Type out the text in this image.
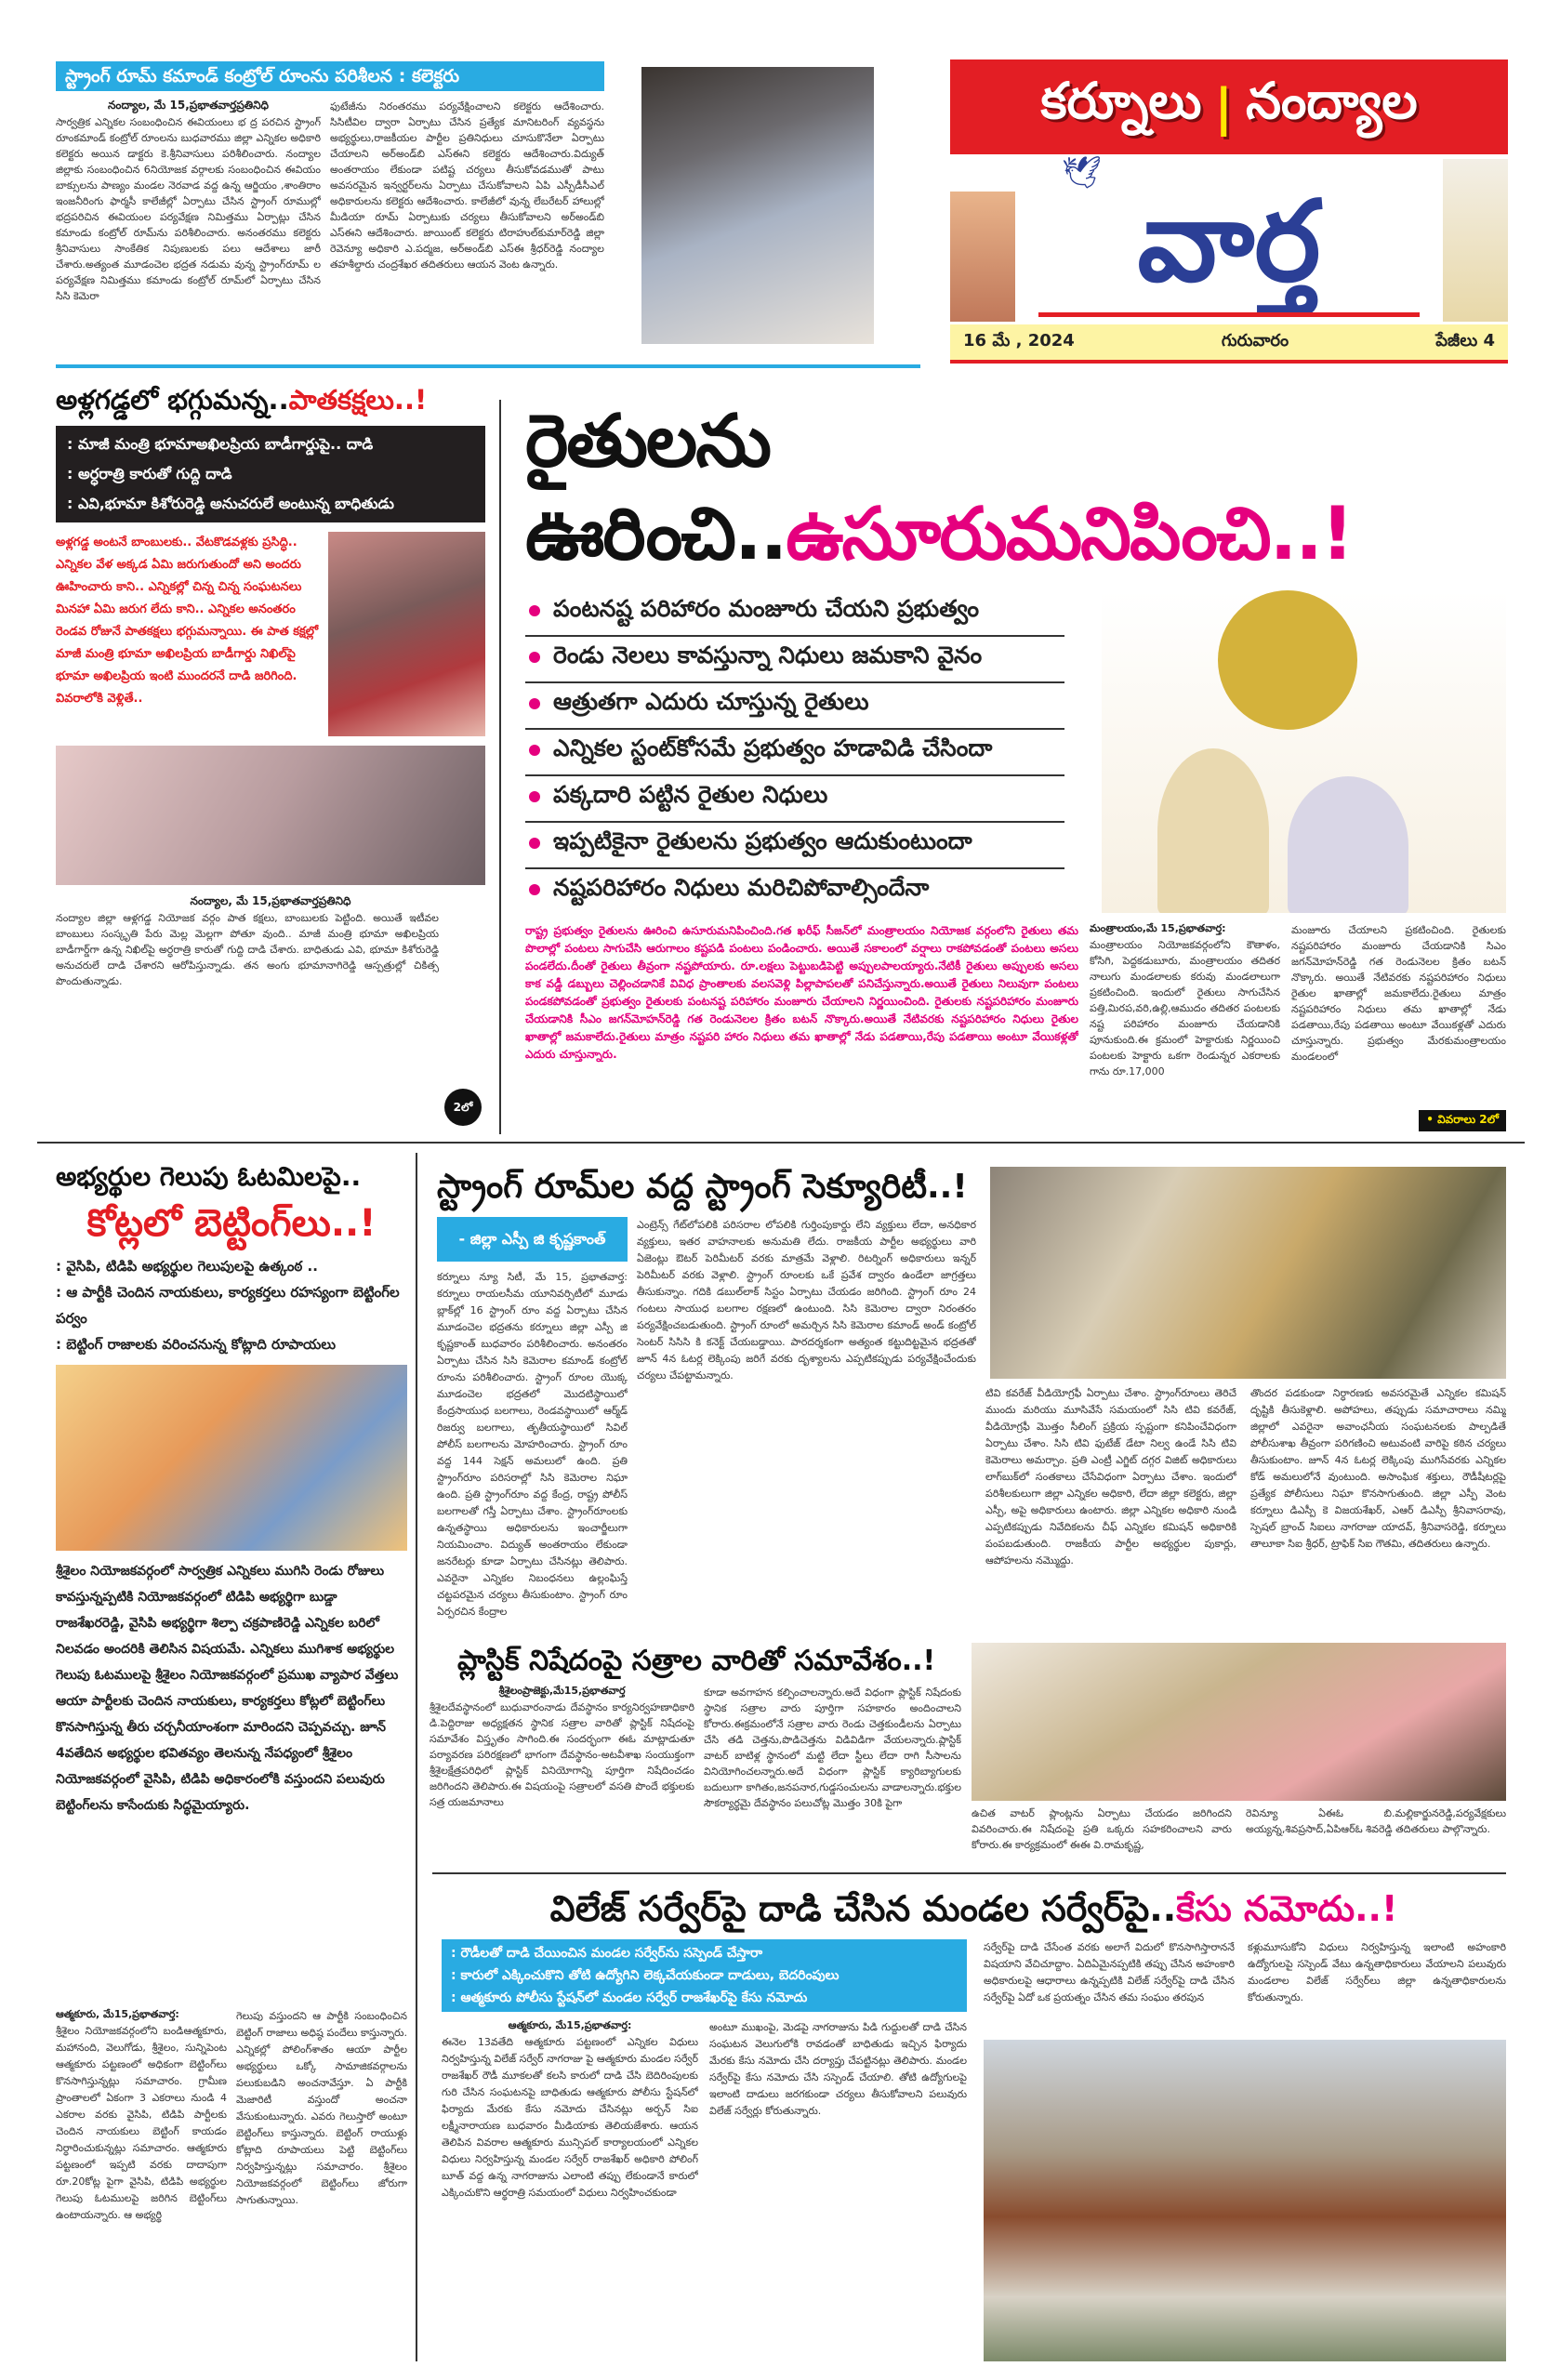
స్ట్రాంగ్ రూమ్ కమాండ్ కంట్రోల్ రూంను పరిశీలన : కలెక్టరు
నంద్యాల, మే 15,ప్రభాతవార్తప్రతినిధి
సార్వత్రిక ఎన్నికల సంబంధించిన ఈవియంలు భ ద్ర పరచిన స్ట్రాంగ్ రూంకమాండ్ కంట్రోల్ రూంలను బుధవారము జిల్లా ఎన్నికల అధికారి కలెక్టరు అయిన డాక్టరు కె.శ్రీనివాసులు పరిశీలించారు. నంద్యాల జిల్లాకు సంబంధించిన 6నియోజక వర్గాలకు సంబంధించిన ఈవియం బాక్సులను పాణ్యం మండల నెరవాడ వద్ద ఉన్న ఆర్జియం ,శాంతిరాం ఇంజనీరింగు ఫార్మసీ కాలేజీల్లో ఏర్పాటు చేసిన స్ట్రాంగ్ రూముల్లో భద్రపరిచిన ఈవియంల పర్యవేక్షణ నిమిత్తము ఏర్పాట్లు చేసిన కమాండు కంట్రోల్ రూమ్‌ను పరిశీలించారు. అనంతరము కలెక్టరు శ్రీనివాసులు సాంకేతిక నిపుణులకు పలు ఆదేశాలు జారీ చేశారు.అత్యంత మూడంచెల భద్రత నడుమ వున్న స్ట్రాంగ్‌రూమ్ ల పర్యవేక్షణ నిమిత్తము కమాండు కంట్రోల్ రూమ్‌లో ఏర్పాటు చేసిన సిసి కెమెరా
ఫుటేజీను నిరంతరము పర్యవేక్షించాలని కలెక్టరు ఆదేశించారు. సిసిటీవిల ద్వారా ఏర్పాటు చేసిన ప్రత్యేక మానిటరింగ్ వ్యవస్థను అభ్యర్థులు,రాజకీయల పార్టీల ప్రతినిధులు చూసుకొనేలా ఏర్పాటు చేయాలని అర్‌అండ్‌బి ఎస్‌ఈని కలెక్టరు ఆదేశించారు.విద్యుత్ అంతరాయం లేకుండా పటిష్ట చర్యలు తీసుకోవడముతో పాటు అవసరమైన ఇన్వర్టర్‌లను ఏర్పాటు చేసుకోవాలని ఏపి ఎస్పీడీసీఎల్ అధికారులను కలెక్టరు ఆదేశించారు. కాలేజీలో వున్న లేబరేటర్ హాలుల్లో మీడియా రూమ్ ఏర్పాటుకు చర్యలు తీసుకోవాలని అర్‌అండ్‌బి ఎస్‌ఈని ఆదేశించారు. జాయింట్ కలెక్టరు టిరాహుల్‌కుమార్‌రెడ్డి జిల్లా రెవెన్యూ అధికారి ఎ.పద్మజ, అర్‌అండ్‌బి ఎస్‌ఈ శ్రీధర్‌రెడ్డి నంద్యాల తహశీల్దారు చంద్రశేఖర తదితరులు ఆయన వెంట ఉన్నారు.
కర్నూలు | నంద్యాల
🕊
వార్త
16 మే , 2024	గురువారం	పేజీలు 4
అళ్లగడ్డలో భగ్గుమన్న..పాతకక్షలు..!
: మాజీ మంత్రి భూమాఅఖిలప్రియ బాడీగార్డుపై.. దాడి
: అర్ధరాత్రి కారుతో గుద్ది దాడి
: ఎవి,భూమా కిశోరురెడ్డి అనుచరులే అంటున్న బాధితుడు
అళ్లగడ్డ అంటనే బాంబులకు.. వేటకొడవళ్లకు ప్రసిద్ధి.. ఎన్నికల వేళ అక్కడ ఏమి జరుగుతుందో అని అందరు ఊహించారు కాని.. ఎన్నికల్లో చిన్న చిన్న సంఘటనలు మినహా ఏమి జరుగ లేదు కాని.. ఎన్నికల అనంతరం రెండవ రోజునే పాతకక్షలు భగ్గుమన్నాయి. ఈ పాత కక్షల్లో మాజీ మంత్రి భూమా అఖిలప్రియ బాడీగార్డు నిఖిల్‌పై భూమా అఖిలప్రియ ఇంటి ముందరనే దాడి జరిగింది. వివరాలోకి వెళ్లితే..
నంద్యాల, మే 15,ప్రభాతవార్తప్రతినిధి
నంద్యాల జిల్లా ఆళ్లగడ్డ నియోజక వర్గం పాత కక్షలు, బాంబులకు పెట్టింది. అయితే ఇటీవల బాంబులు సంస్కృతి పేరు మెల్ల మెల్లగా పోతూ వుంది.. మాజీ మంత్రి భూమా అఖిలప్రియ బాడీగార్డ్‌గా ఉన్న నిఖిల్‌పై అర్ధరాత్రి కారుతో గుద్ది దాడి చేశారు. బాధితుడు ఎవి, భూమా కిశోరురెడ్డి అనుచరులే దాడి చేశారని ఆరోపిస్తున్నాడు. తన అంగు భూమానాగిరెడ్డి ఆస్పత్రుల్లో చికిత్స పొందుతున్నాడు.
2లో
రైతులను ఊరించి..ఉసూరుమనిపించి..!
పంటనష్ట పరిహారం మంజూరు చేయని ప్రభుత్వం
రెండు నెలలు కావస్తున్నా నిధులు జమకాని వైనం
ఆత్రుతగా ఎదురు చూస్తున్న రైతులు
ఎన్నికల స్టంట్‌కోసమే ప్రభుత్వం హడావిడి చేసిందా
పక్కదారి పట్టిన రైతుల నిధులు
ఇప్పటికైనా రైతులను ప్రభుత్వం ఆదుకుంటుందా
నష్టపరిహారం నిధులు మరిచిపోవాల్సిందేనా
రాష్ట్ర ప్రభుత్వం రైతులను ఊరించి ఉసూరుమనిపించింది.గత ఖరీఫ్ సీజన్‌లో మంత్రాలయం నియోజక వర్గంలోని రైతులు తమ పొలాల్లో పంటలు సాగుచేసి ఆరుగాలం కష్టపడి పంటలు పండించారు. అయితే సకాలంలో వర్షాలు రాకపోవడంతో పంటలు అసలు పండలేదు.దీంతో రైతులు తీవ్రంగా నష్టపోయారు. రూ.లక్షలు పెట్టుబడిపెట్టి అప్పులపాలయ్యారు.నేటికీ రైతులు అప్పులకు అసలు కాక వడ్డీ డబ్బులు చెల్లించడానికే వివిధ ప్రాంతాలకు వలసవెళ్లి పిల్లాపాపలతో పనిచేస్తున్నారు.అయితే రైతులు నిలువుగా పంటలు పండకపోవడంతో ప్రభుత్వం రైతులకు పంటనష్ట పరిహారం మంజూరు చేయాలని నిర్ణయించింది. రైతులకు నష్టపరిహారం మంజూరు చేయడానికి సీఎం జగన్‌మోహన్‌రెడ్డి గత రెండునెలల క్రితం బటన్ నొక్కారు.అయితే నేటివరకు నష్టపరిహారం నిధులు రైతుల ఖాతాల్లో జమకాలేదు.రైతులు మాత్రం నష్టపరి హారం నిధులు తమ ఖాతాల్లో నేడు పడతాయి,రేపు పడతాయి అంటూ వేయికళ్లతో ఎదురు చూస్తున్నారు.
మంత్రాలయం,మే 15,ప్రభాతవార్త:
మంత్రాలయం నియోజకవర్గంలోని కౌతాళం, కోసిగి, పెద్దకడుబూరు, మంత్రాలయం తదితర నాలుగు మండలాలకు కరువు మండలాలుగా ప్రకటించింది. ఇందులో రైతులు సాగుచేసిన పత్తి,మిరప,వరి,ఉల్లి,ఆముదం తదితర పంటలకు నష్ట పరిహారం మంజూరు చేయడానికి పూనుకుంది.ఈ క్రమంలో హెక్టారుకు నిర్ణయించి పంటలకు హెక్టారు ఒకగా రెండున్నర ఎకరాలకు గాను రూ.17,000
మంజూరు చేయాలని ప్రకటించింది. రైతులకు నష్టపరిహారం మంజూరు చేయడానికి సిఎం జగన్‌మోహన్‌రెడ్డి గత రెండునెలల క్రితం బటన్ నొక్కారు. అయితే నేటివరకు నష్టపరిహారం నిధులు రైతుల ఖాతాల్లో జమకాలేదు.రైతులు మాత్రం నష్టపరిహారం నిధులు తమ ఖాతాల్లో నేడు పడతాయి,రేపు పడతాయి అంటూ వేయికళ్లతో ఎదురు చూస్తున్నారు. ప్రభుత్వం మేరకుమంత్రాలయం మండలంలో
• వివరాలు 2లో
అభ్యర్థుల గెలుపు ఓటమిలపై..
కోట్లలో బెట్టింగ్‌లు..!
: వైసిపి, టిడిపి అభ్యర్థుల గెలుపులపై ఉత్కంఠ ..
: ఆ పార్టీకి చెందిన నాయకులు, కార్యకర్తలు రహస్యంగా బెట్టింగ్‌ల పర్వం
: బెట్టింగ్ రాజాలకు వరించనున్న కోట్లాది రూపాయలు
శ్రీశైలం నియోజకవర్గంలో సార్వత్రిక ఎన్నికలు ముగిసి రెండు రోజులు కావస్తున్నప్పటికి నియోజకవర్గంలో టిడిపి అభ్యర్థిగా బుడ్డా రాజశేఖరరెడ్డి, వైసిపి అభ్యర్థిగా శిల్పా చక్రపాణిరెడ్డి ఎన్నికల బరిలో నిలవడం అందరికి తెలిసిన విషయమే. ఎన్నికలు ముగిశాక అభ్యర్థుల గెలుపు ఓటములపై శ్రీశైలం నియోజకవర్గంలో ప్రముఖ వ్యాపార వేత్తలు ఆయా పార్టీలకు చెందిన నాయకులు, కార్యకర్తలు కోట్లలో బెట్టింగ్‌లు కొనసాగిస్తున్న తీరు చర్చనీయాంశంగా మారిందని చెప్పవచ్చు. జూన్ 4వతేదిన అభ్యర్థుల భవితవ్యం తెలనున్న నేపధ్యంలో శ్రీశైలం నియోజకవర్గంలో వైసిపి, టిడిపి అధికారంలోకి వస్తుందని పలువురు బెట్టింగ్‌లను కాసేందుకు సిద్ధమైయ్యారు.
ఆత్మకూరు, మే15,ప్రభాతవార్త:
శ్రీశైలం నియోజకవర్గంలోని బండిఆత్మకూరు, మహానంది, వెలుగోడు, శ్రీశైలం, సున్నిపెంట ఆత్మకూరు పట్టణంలో అధికంగా బెట్టింగ్‌లు కొనసాగిస్తున్నట్లు సమాచారం. గ్రామీణ ప్రాంతాలలో ఏకంగా 3 ఎకరాలు నుండి 4 ఎకరాల వరకు వైసిపి, టిడిపి పార్టీలకు చెందిన నాయకులు బెట్టింగ్ కాయడం నిర్ధారించుకున్నట్లు సమాచారం. ఆత్మకూరు పట్టణంలో ఇప్పటి వరకు దాదాపుగా రూ.20కోట్ల పైగా వైసిపి, టిడిపి అభ్యర్థుల గెలుపు ఓటములపై జరిగిన బెట్టింగ్‌లు ఉంటాయన్నారు. ఆ అభ్యర్థి
గెలుపు వస్తుందని ఆ పార్టీకి సంబంధించిన బెట్టింగ్ రాజాలు అధిష్ఠ పందేలు కాస్తున్నారు. ఎన్నికల్లో పోలింగ్‌శాతం ఆయా పార్టీల అభ్యర్థులు ఒక్కో సామాజికవర్గాలను పలుకుబడిని అంచనావేస్తూ. ఏ పార్టీకి మెజారిటీ వస్తుందో అంచనా వేసుకుంటున్నారు. ఎవరు గెలుస్తారో అంటూ బెట్టింగ్‌లు కాస్తున్నారు. బెట్టింగ్ రాయుళ్లు కోట్లాది రూపాయలు పెట్టి బెట్టింగ్‌లు నిర్వహిస్తున్నట్లు సమాచారం. శ్రీశైలం నియోజకవర్గంలో బెట్టింగ్‌లు జోరుగా సాగుతున్నాయి.
స్ట్రాంగ్ రూమ్‌ల వద్ద స్ట్రాంగ్ సెక్యూరిటీ..!
- జిల్లా ఎస్పీ జి కృష్ణకాంత్
కర్నూలు న్యూ సిటీ, మే 15, ప్రభాతవార్త: కర్నూలు రాయలసీమ యూనివర్సిటీలో మూడు బ్లాక్‌ల్లో 16 స్ట్రాంగ్ రూం వద్ద ఏర్పాటు చేసిన మూడంచెల భద్రతను కర్నూలు జిల్లా ఎస్పీ జి కృష్ణకాంత్ బుధవారం పరిశీలించారు. అనంతరం ఏర్పాటు చేసిన సిసి కెమెరాల కమాండ్ కంట్రోల్ రూంను పరిశీలించారు. స్ట్రాంగ్ రూంల యొక్క మూడంచెల భద్రతలో మొదటిస్థాయిలో కేంద్రసాయుధ బలగాలు, రెండవస్థాయిలో ఆర్మ్‌డ్ రిజర్వు బలగాలు, తృతీయస్థాయిలో సివిల్ పోలీస్ బలగాలను మోహరించారు. స్ట్రాంగ్ రూం వద్ద 144 సెక్షన్ అమలులో ఉంది. ప్రతి స్ట్రాంగ్‌రూం పరిసరాల్లో సిసి కెమెరాల నిఘా ఉంది. ప్రతి స్ట్రాంగ్‌రూం వద్ద కేంద్ర, రాష్ట్ర పోలీస్ బలగాలతో గస్తీ ఏర్పాటు చేశాం. స్ట్రాంగ్‌రూంలకు ఉన్నతస్థాయి అధికారులను ఇంచార్జీలుగా నియమించాం. విద్యుత్ అంతరాయం లేకుండా జనరేటర్లు కూడా ఏర్పాటు చేసినట్లు తెలిపారు. ఎవరైనా ఎన్నికల నిబంధనలు ఉల్లంఘిస్తే చట్టపరమైన చర్యలు తీసుకుంటాం. స్ట్రాంగ్ రూం ఏర్పరచిన కేంద్రాల
ఎంట్రెన్స్ గేట్‌లోపలికి పరిసరాల లోపలికి గుర్తింపుకార్డు లేని వ్యక్తులు లేదా, అనధికార వ్యక్తులు, ఇతర వాహనాలకు అనుమతి లేదు. రాజకీయ పార్టీల అభ్యర్థులు వారి ఏజెంట్లు ఔటర్ పెరిమీటర్ వరకు మాత్రమే వెళ్లాలి. రిటర్నింగ్ అధికారులు ఇన్నర్ పెరిమీటర్ వరకు వెళ్లాలి. స్ట్రాంగ్ రూంలకు ఒకే ప్రవేశ ద్వారం ఉండేలా జాగ్రత్తలు తీసుకున్నాం. గదికి డబుల్‌లాక్ సిస్టం ఏర్పాటు చేయడం జరిగింది. స్ట్రాంగ్ రూం 24 గంటలు సాయుధ బలగాల రక్షణలో ఉంటుంది. సిసి కెమెరాల ద్వారా నిరంతరం పర్యవేక్షించబడుతుంది. స్ట్రాంగ్ రూంలో అమర్చిన సిసి కెమెరాల కమాండ్ అండ్ కంట్రోల్ సెంటర్ సిసిసి కి కనెక్ట్ చేయబడ్డాయి. పారదర్శకంగా అత్యంత కట్టుదిట్టమైన భద్రతతో జూన్ 4న ఓటర్ల లెక్కింపు జరిగే వరకు దృశ్యాలను ఎప్పటికప్పుడు పర్యవేక్షించేందుకు చర్యలు చేపట్టామన్నారు.
టివి కవరేజ్ వీడియోగ్రఫీ ఏర్పాటు చేశాం. స్ట్రాంగ్‌రూంలు తెరిచే ముందు మరియు మూసివేసే సమయంలో సిసి టివి కవరేజ్, వీడియోగ్రఫీ మొత్తం సీలింగ్ ప్రక్రియ స్పష్టంగా కనిపించేవిధంగా ఏర్పాటు చేశాం. సిసి టివి ఫుటేజ్ డేటా నిల్వ ఉండే సిసి టివి కెమెరాలు అమర్చాం. ప్రతి ఎంట్రీ ఎగ్జిట్ దగ్గర విజిట్ అధికారులు లాగ్‌బుక్‌లో సంతకాలు చేసేవిధంగా ఏర్పాటు చేశాం. ఇందులో పరిశీలకులుగా జిల్లా ఎన్నికల అధికారి, లేదా జిల్లా కలెక్టరు, జిల్లా ఎస్పీ, అపై అధికారులు ఉంటారు. జిల్లా ఎన్నికల అధికారి నుండి ఎప్పటికప్పుడు నివేదికలను చీఫ్ ఎన్నికల కమిషన్ అధికారికి పంపబడుతుంది. రాజకీయ పార్టీల అభ్యర్థుల పుకార్లు, ఆపోహలను నమ్మొద్దు.
తొందర పడకుండా నిర్ధారణకు అవసరమైతే ఎన్నికల కమిషన్ దృష్టికి తీసుకెళ్లాలి. అపోహలు, తప్పుడు సమాచారాలు నమ్మి జిల్లాలో ఎవరైనా అవాంఛనీయ సంఘటనలకు పాల్పడితే పోలీసుశాఖ తీవ్రంగా పరిగణించి అటువంటి వారిపై కఠిన చర్యలు తీసుకుంటాం. జూన్ 4న ఓటర్ల లెక్కింపు ముగిసేవరకు ఎన్నికల కోడ్ అమలులోనే వుంటుంది. అసాంఘిక శక్తులు, రౌడీషీటర్లపై ప్రత్యేక పోలీసులు నిఘా కొనసాగుతుంది. జిల్లా ఎస్పీ వెంట కర్నూలు డిఎస్పీ కె విజయశేఖర్, ఎఆర్ డిఎస్పీ శ్రీనివాసరావు, స్పెషల్ బ్రాంచ్ సిఐలు నాగరాజు యాదవ్, శ్రీనివాసరెడ్డి, కర్నూలు తాలూకా సిఐ శ్రీధర్, ట్రాఫిక్ సిఐ గౌతమి, తదితరులు ఉన్నారు.
ప్లాస్టిక్ నిషేదంపై సత్రాల వారితో సమావేశం..!
శ్రీశైలంప్రాజెక్టు,మే15,ప్రభాతవార్త
శ్రీశైలదేవస్థానంలో బుధువారంనాడు దేవస్థానం కార్యనిర్వహణాధికారి డి.పెద్దిరాజు అధ్యక్షతన స్థానిక సత్రాల వారితో ప్లాస్టిక్ నిషేదంపై సమావేశం విస్తృతం సాగింది.ఈ సందర్భంగా ఈఓ మాట్లాడుతూ పర్యావరణ పరిరక్షణలో భాగంగా దేవస్థానం-అటవీశాఖ సంయుక్తంగా శ్రీశైలక్షేత్రపరిధిలో ప్లాస్టిక్ వినియోగాన్ని పూర్తిగా నిషేదించడం జరిగిందని తెలిపారు.ఈ విషయంపై సత్రాలలో వసతి పొందే భక్తులకు సత్ర యజమానాలు
కూడా అవగాహన కల్పించాలన్నారు.అదే విధంగా ప్లాస్టిక్ నిషేదంకు స్థానిక సత్రాల వారు పూర్తిగా సహకారం అందించాలని కోరారు.ఈక్రమంలోనే సత్రాల వారు రెండు చెత్తకుండీలను ఏర్పాటు చేసి తడి చెత్తను,పొడిచెత్తను విడివిడిగా వేయలన్నారు.ప్లాస్టిక్ వాటర్ బాటిళ్ల స్థానంలో మట్టి లేదా స్టీలు లేదా రాగి సీసాలను వినియోగించలన్నారు.అదే విధంగా ప్లాస్టిక్ క్యారిబ్యాగులకు బదులుగా కాగితం,జనపనార,గుడ్డసంచులను వాడాలన్నారు.భక్తుల సౌకర్యార్థమై దేవస్థానం పలుచోట్ల మొత్తం 30కి పైగా
ఉచిత వాటర్ ప్లాంట్లను ఏర్పాటు చేయడం జరిగిందని వివరించారు.ఈ నిషేదంపై ప్రతి ఒక్కరు సహకరించాలని వారు కోరారు.ఈ కార్యక్రమంలో ఈఈ వి.రామకృష్ణ,
రెవిన్యూ ఏఈఓ బి.మల్లికార్జునరెడ్డి,పర్యవేక్షకులు అయ్యన్న,శివప్రసాద్,ఏపిఆర్‌ఓ శివరెడ్డి తదితరులు పాల్గొన్నారు.
విలేజ్ సర్వేర్‌పై దాడి చేసిన మండల సర్వేర్‌పై..కేసు నమోదు..!
: రౌడీలతో దాడి చేయించిన మండల సర్వేర్‌ను సస్పెండ్ చేస్తారా
: కారులో ఎక్కించుకొని తోటి ఉద్యోగిని లెక్కచేయకుండా దాడులు, బెదరింపులు
: ఆత్మకూరు పోలీసు స్టేషన్‌లో మండల సర్వేర్ రాజశేఖర్‌పై కేసు నమోదు
ఆత్మకూరు, మే15,ప్రభాతవార్త:
ఈనెల 13వతేది ఆత్మకూరు పట్టణంలో ఎన్నికల విధులు నిర్వహిస్తున్న విలేజ్ సర్వేర్ నాగరాజు పై ఆత్మకూరు మండల సర్వేర్ రాజశేఖర్ రౌడీ మూకలతో కలసి కారులో దాడి చేసి బెదిరింపులకు గురి చేసిన సంఘటనపై బాధితుడు ఆత్మకూరు పోలీసు స్టేషన్‌లో ఫిర్యాదు మేరకు కేసు నమోదు చేసినట్లు అర్బన్ సిఐ లక్ష్మీనారాయణ బుధవారం మీడియాకు తెలియజేశారు. ఆయన తెలిపిన వివరాల ఆత్మకూరు మున్సిపల్ కార్యాలయంలో ఎన్నికల విధులు నిర్వహిస్తున్న మండల సర్వేర్ రాజశేఖర్ అధికారి పోలింగ్ బూత్ వద్ద ఉన్న నాగరాజును ఎలాంటి తప్పు లేకుండానే కారులో ఎక్కించుకొని ఆర్థరాత్రి సమయంలో విధులు నిర్వహించకుండా
అంటూ ముఖంపై, మెడపై నాగరాజును పిడి గుద్దులతో దాడి చేసిన సంఘటన వెలుగులోకి రావడంతో బాధితుడు ఇచ్చిన ఫిర్యాదు మేరకు కేసు నమోదు చేసి దర్యాప్తు చేపట్టినట్లు తెలిపారు. మండల సర్వేర్‌పై కేసు నమోదు చేసి సస్పెండ్ చేయాలి. తోటి ఉద్యోగులపై ఇలాంటి దాడులు జరగకుండా చర్యలు తీసుకోవాలని పలువురు విలేజ్ సర్వేర్లు కోరుతున్నారు.
సర్వేర్‌పై దాడి చేసేంత వరకు అలాగే విదులో కొనసాగిస్తారాననే విషయాని వేచిచూద్దాం. ఏదిఏమైనప్పటికి తప్పు చేసిన అహంకారి అధికారులపై ఆధారాలు ఉన్నప్పటికి విలేజ్ సర్వేర్‌పై దాడి చేసిన సర్వేర్‌పై ఏదో ఒక ప్రయత్నం చేసిన తమ సంఘం తరపున
కళ్లుమూసుకోని విధులు నిర్వహిస్తున్న ఇలాంటి అహంకారి ఉద్యోగులపై సస్పెండ్ వేటు ఉన్నతాధికారులు వేయాలని పలువురు మండలాల విలేజ్ సర్వేర్‌లు జిల్లా ఉన్నతాధికారులను కోరుతున్నారు.
